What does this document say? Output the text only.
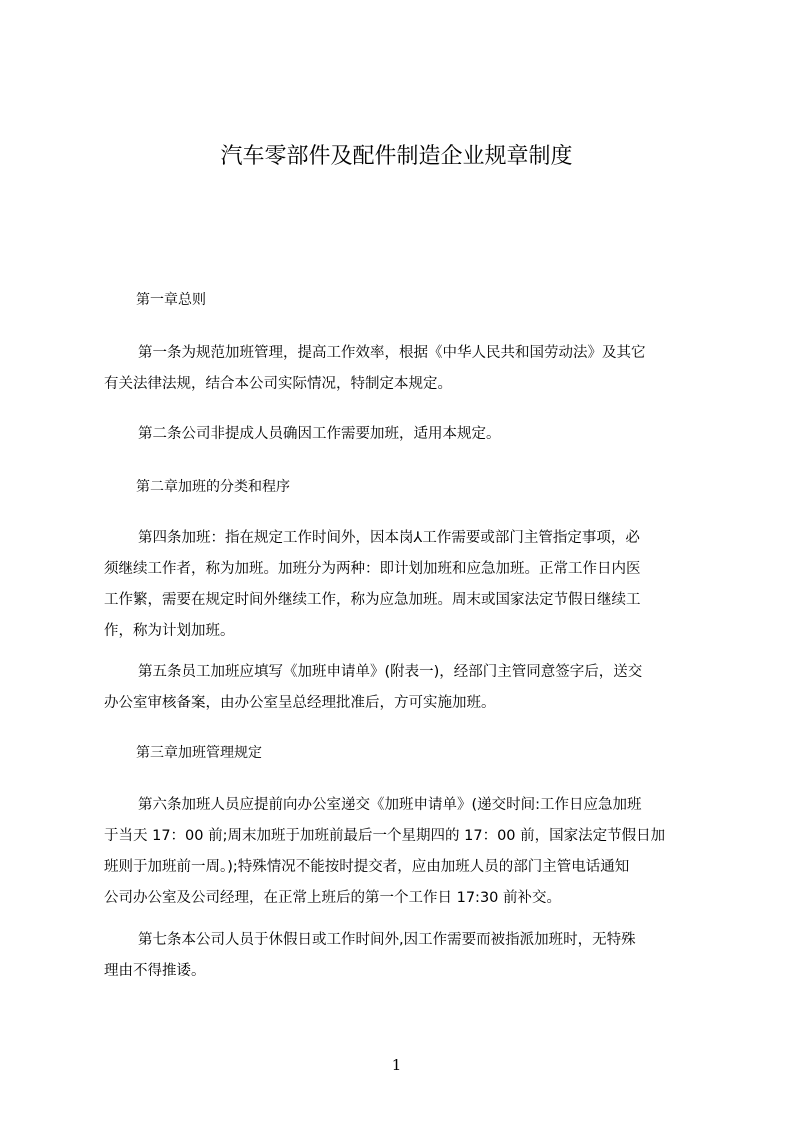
汽车零部件及配件制造企业规章制度
第一章总则
第一条为规范加班管理，提高工作效率，根据《中华人民共和国劳动法》及其它
有关法律法规，结合本公司实际情况，特制定本规定。
第二条公司非提成人员确因工作需要加班，适用本规定。
第二章加班的分类和程序
第四条加班：指在规定工作时间外，因本岗⅄工作需要或部门主管指定事项，必
须继续工作者，称为加班。加班分为两种：即计划加班和应急加班。正常工作日内医
工作繁，需要在规定时间外继续工作，称为应急加班。周末或国家法定节假日继续工
作，称为计划加班。
第五条员工加班应填写《加班申请单》(附表一)，经部门主管同意签字后，送交
办公室审核备案，由办公室呈总经理批准后，方可实施加班。
第三章加班管理规定
第六条加班人员应提前向办公室递交《加班申请单》(递交时间:工作日应急加班
于当天 17：00 前;周末加班于加班前最后一个星期四的 17：00 前，国家法定节假日加
班则于加班前一周。);特殊情况不能按时提交者，应由加班人员的部门主管电话通知
公司办公室及公司经理，在正常上班后的第一个工作日 17:30 前补交。
第七条本公司人员于休假日或工作时间外,因工作需要而被指派加班时，无特殊
理由不得推诿。
1
